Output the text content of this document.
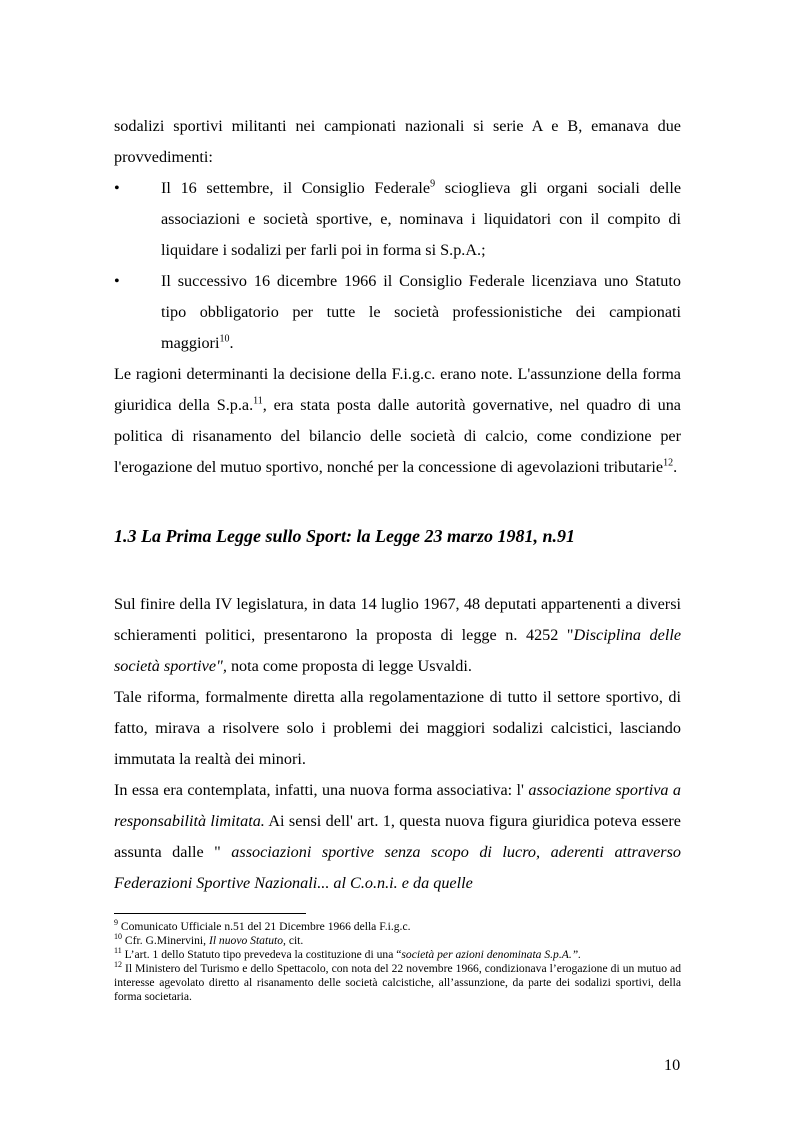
sodalizi sportivi militanti nei campionati nazionali si serie A e B, emanava due provvedimenti:

•	Il 16 settembre, il Consiglio Federale$^9$ scioglieva gli organi sociali delle associazioni e società sportive, e, nominava i liquidatori con il compito di liquidare i sodalizi per farli poi in forma si S.p.A.;
•	Il successivo 16 dicembre 1966 il Consiglio Federale licenziava uno Statuto tipo obbligatorio per tutte le società professionistiche dei campionati maggiori$^{10}$.

Le ragioni determinanti la decisione della F.i.g.c. erano note. L'assunzione della forma giuridica della S.p.a.$^{11}$, era stata posta dalle autorità governative, nel quadro di una politica di risanamento del bilancio delle società di calcio, come condizione per l'erogazione del mutuo sportivo, nonché per la concessione di agevolazioni tributarie$^{12}$.

1.3 La Prima Legge sullo Sport: la Legge 23 marzo 1981, n.91

Sul finire della IV legislatura, in data 14 luglio 1967, 48 deputati appartenenti a diversi schieramenti politici, presentarono la proposta di legge n. 4252 "Disciplina delle società sportive", nota come proposta di legge Usvaldi.

Tale riforma, formalmente diretta alla regolamentazione di tutto il settore sportivo, di fatto, mirava a risolvere solo i problemi dei maggiori sodalizi calcistici, lasciando immutata la realtà dei minori.

In essa era contemplata, infatti, una nuova forma associativa: l' associazione sportiva a responsabilità limitata. Ai sensi dell' art. 1, questa nuova figura giuridica poteva essere assunta dalle " associazioni sportive senza scopo di lucro, aderenti attraverso Federazioni Sportive Nazionali... al C.o.n.i. e da quelle

$^9$ Comunicato Ufficiale n.51 del 21 Dicembre 1966 della F.i.g.c.

$^{10}$ Cfr. G.Minervini, Il nuovo Statuto, cit.

$^{11}$ L’art. 1 dello Statuto tipo prevedeva la costituzione di una “società per azioni denominata S.p.A.”.

$^{12}$ Il Ministero del Turismo e dello Spettacolo, con nota del 22 novembre 1966, condizionava l’erogazione di un mutuo ad interesse agevolato diretto al risanamento delle società calcistiche, all’assunzione, da parte dei sodalizi sportivi, della forma societaria.

10
